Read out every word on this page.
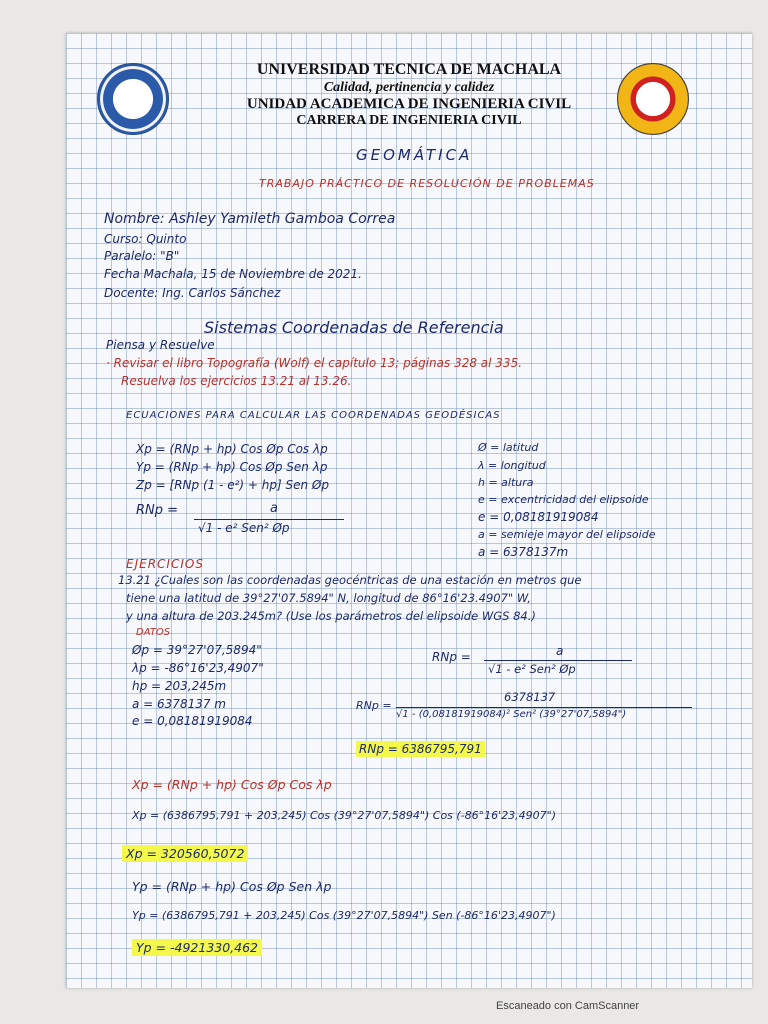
UNIVERSIDAD TECNICA DE MACHALA
Calidad, pertinencia y calidez
UNIDAD ACADEMICA DE INGENIERIA CIVIL
CARRERA DE INGENIERIA CIVIL
GEOMÁTICA
TRABAJO PRÁCTICO DE RESOLUCIÓN DE PROBLEMAS
Nombre: Ashley Yamileth Gamboa Correa
Curso: Quinto
Paralelo: "B"
Fecha Machala, 15 de Noviembre de 2021.
Docente: Ing. Carlos Sánchez
Sistemas Coordenadas de Referencia
Piensa y Resuelve
· Revisar el libro Topografía (Wolf) el capítulo 13; páginas 328 al 335.
Resuelva los ejercicios 13.21 al 13.26.
ECUACIONES PARA CALCULAR LAS COORDENADAS GEODÉSICAS
Xp = (RNp + hp) Cos Øp Cos λp
Yp = (RNp + hp) Cos Øp Sen λp
Zp = [RNp (1 - e²) + hp] Sen Øp
RNp =	a
√1 - e² Sen² Øp
Ø = latitud
λ = longitud
h = altura
e = excentricidad del elipsoide
e = 0,08181919084
a = semieje mayor del elipsoide
a = 6378137m
EJERCICIOS
13.21 ¿Cuales son las coordenadas geocéntricas de una estación en metros que
tiene una latitud de 39°27'07.5894" N, longitud de 86°16'23.4907" W,
y una altura de 203.245m? (Use los parámetros del elipsoide WGS 84.)
DATOS
Øp = 39°27'07,5894"
λp = -86°16'23,4907"
hp = 203,245m
a = 6378137 m
e = 0,08181919084
RNp =	a
√1 - e² Sen² Øp
RNp =
6378137
√1 - (0,08181919084)² Sen² (39°27'07,5894")
RNp = 6386795,791
Xp = (RNp + hp) Cos Øp Cos λp
Xp = (6386795,791 + 203,245) Cos (39°27'07,5894") Cos (-86°16'23,4907")
Xp = 320560,5072
Yp = (RNp + hp) Cos Øp Sen λp
Yp = (6386795,791 + 203,245) Cos (39°27'07,5894") Sen (-86°16'23,4907")
Yp = -4921330,462
Escaneado con CamScanner
